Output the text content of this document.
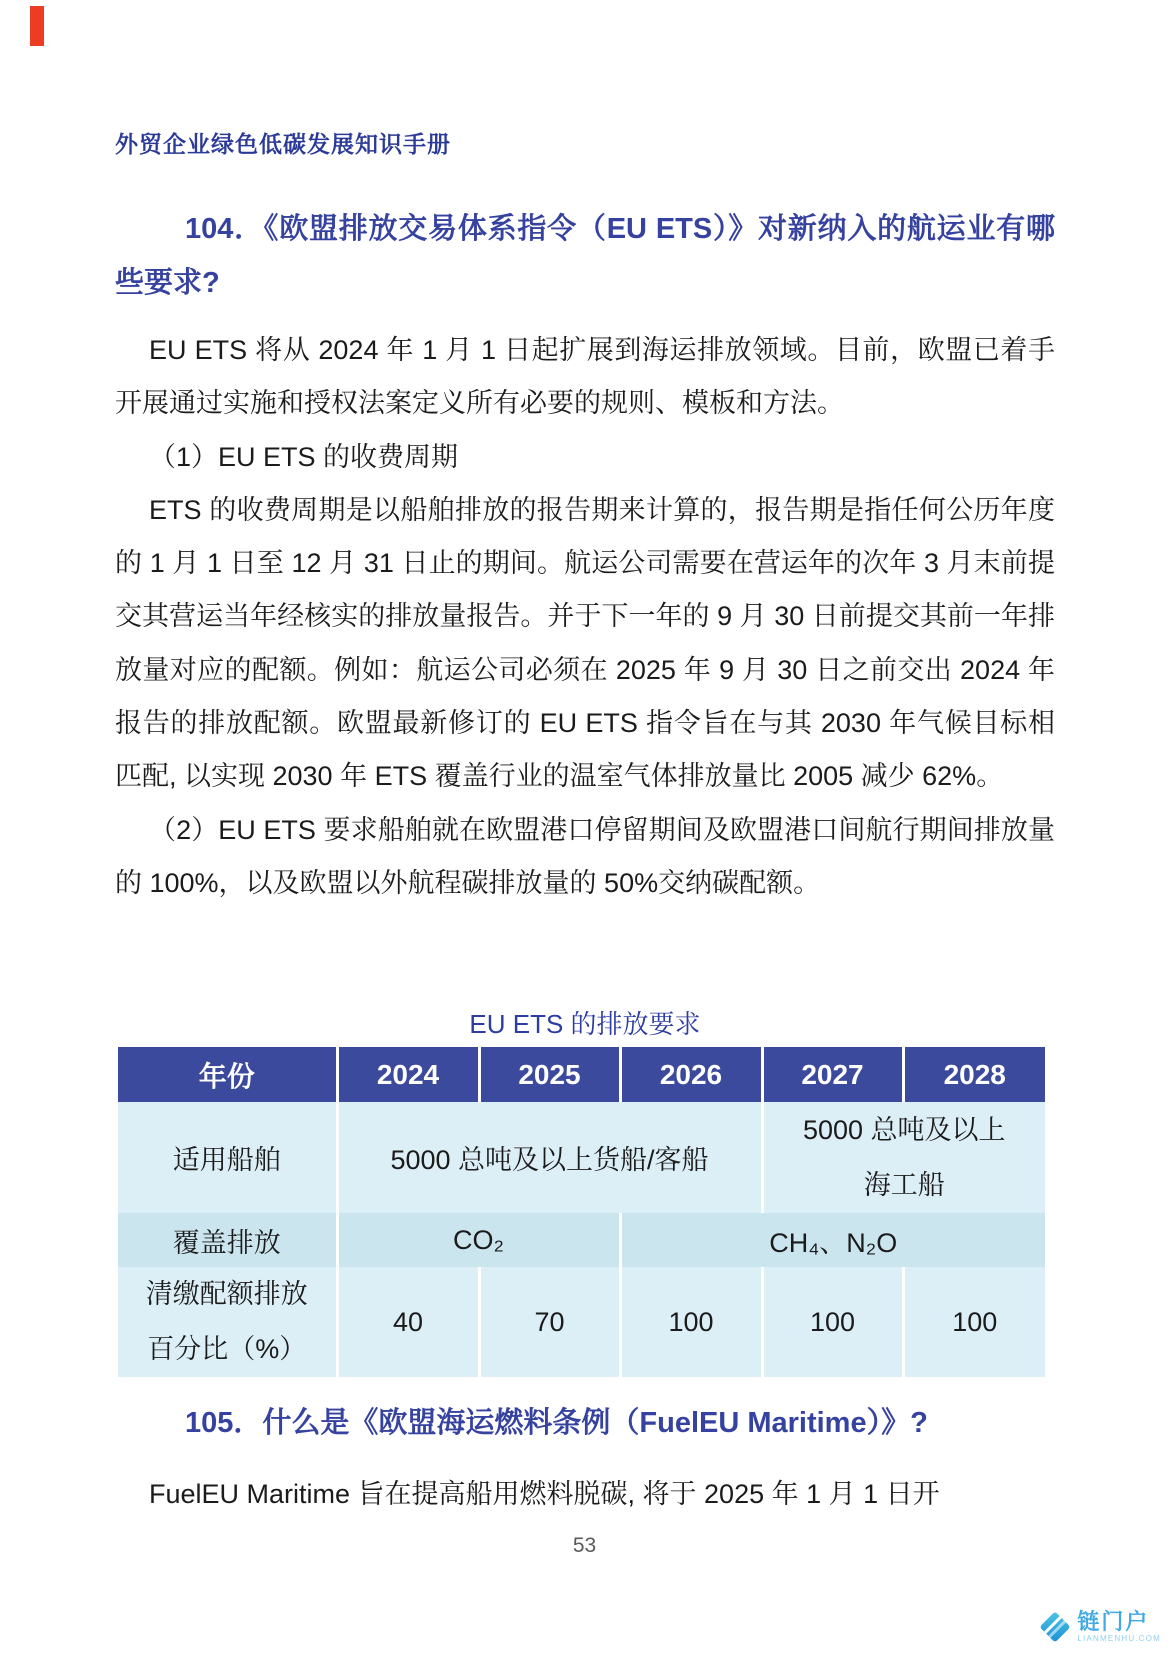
外贸企业绿色低碳发展知识手册
104．《欧盟排放交易体系指令（EU ETS）》对新纳入的航运业有哪些要求?

EU ETS 将从 2024 年 1 月 1 日起扩展到海运排放领域。目前，欧盟已着手开展通过实施和授权法案定义所有必要的规则、模板和方法。

（1）EU ETS 的收费周期

ETS 的收费周期是以船舶排放的报告期来计算的，报告期是指任何公历年度的 1 月 1 日至 12 月 31 日止的期间。航运公司需要在营运年的次年 3 月末前提交其营运当年经核实的排放量报告。并于下一年的 9 月 30 日前提交其前一年排放量对应的配额。例如：航运公司必须在 2025 年 9 月 30 日之前交出 2024 年报告的排放配额。欧盟最新修订的 EU ETS 指令旨在与其 2030 年气候目标相匹配, 以实现 2030 年 ETS 覆盖行业的温室气体排放量比 2005 减少 62%。

（2）EU ETS 要求船舶就在欧盟港口停留期间及欧盟港口间航行期间排放量的 100%，以及欧盟以外航程碳排放量的 50%交纳碳配额。

EU ETS 的排放要求
年份	2024	2025	2026	2027	2028
适用船舶	5000 总吨及以上货船/客船			5000 总吨及以上
海工船	

覆盖排放	CO₂		CH₄、N₂O		

清缴配额排放
百分比（%）	40	70	100	100	100
105．什么是《欧盟海运燃料条例（FuelEU Maritime）》?

FuelEU Maritime 旨在提高船用燃料脱碳, 将于 2025 年 1 月 1 日开

53
链门户
LIANMENHU.COM
